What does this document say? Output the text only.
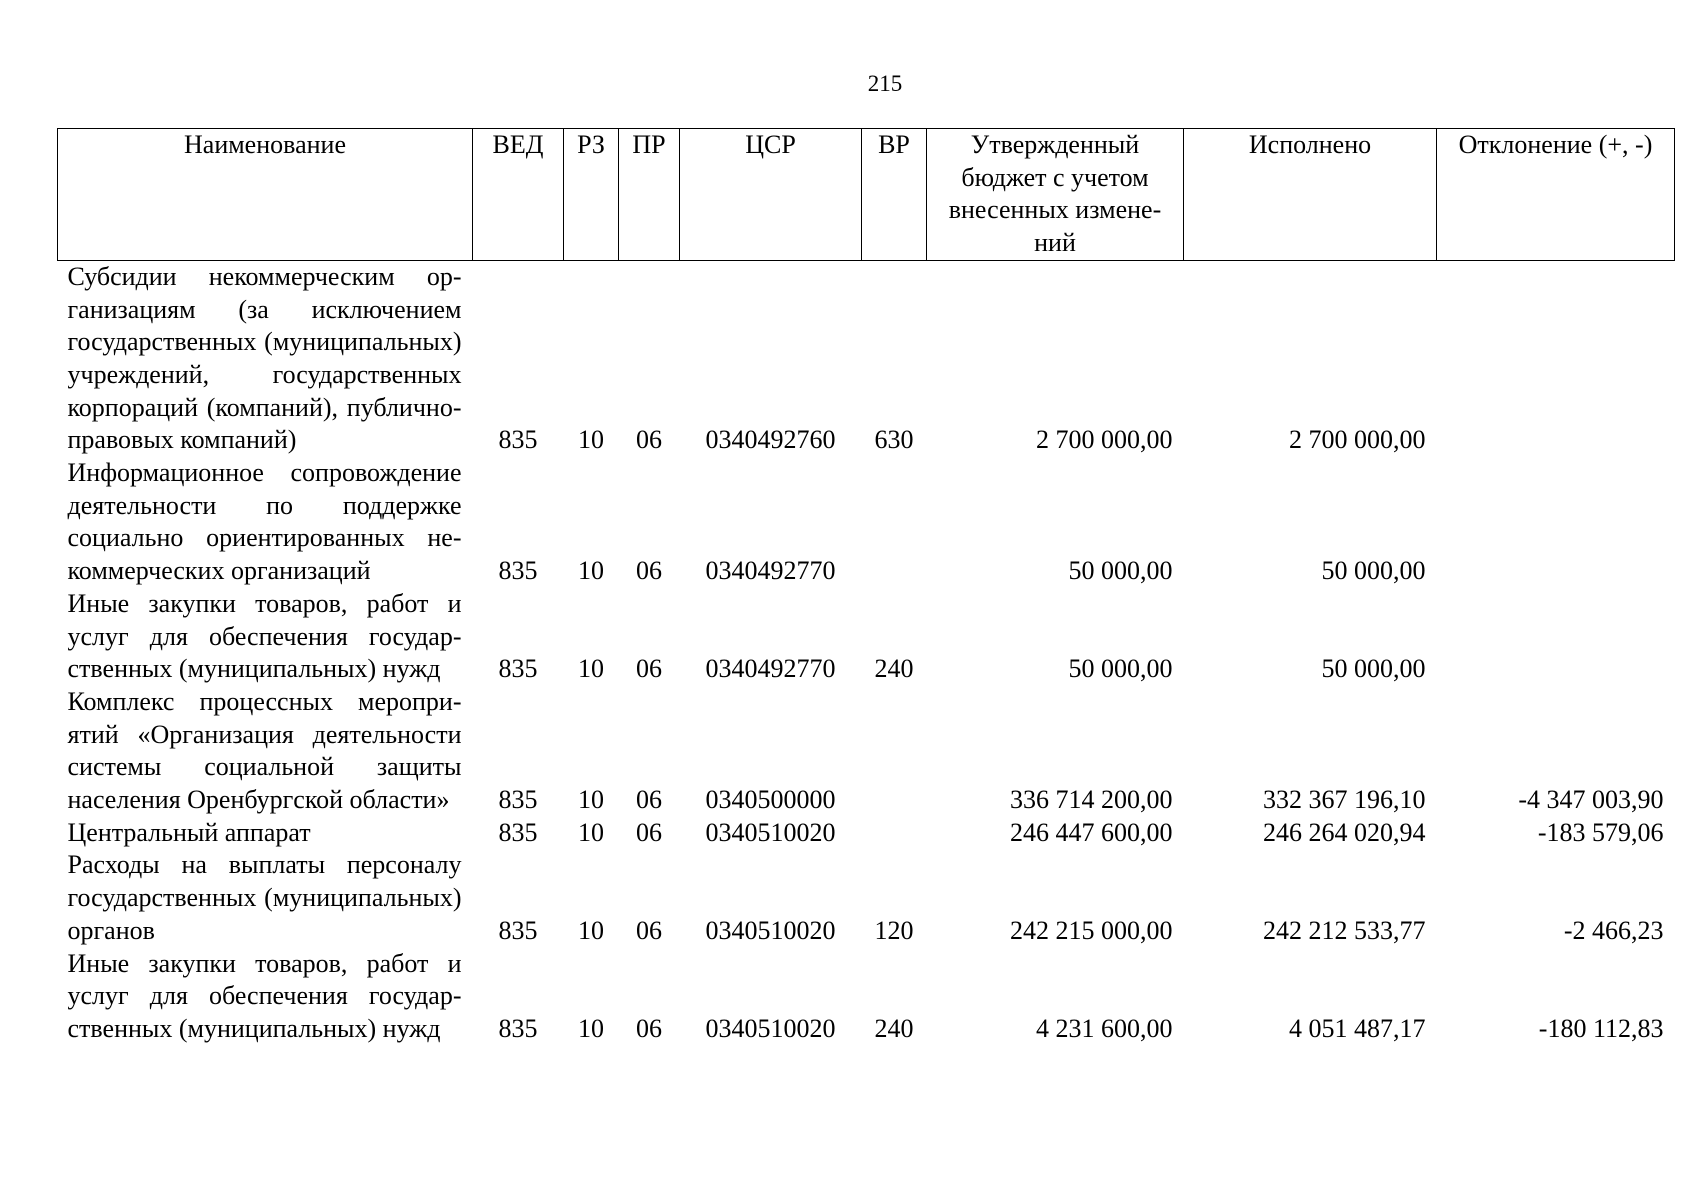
215
Наименование	ВЕД	РЗ	ПР	ЦСР	ВР	Утвержденный бюджет с учетом внесенных изменений	Исполнено	Отклонение (+, -)
Субсидии некоммерческим организациям (за исключением государственных (муниципальных) учреждений, государственных корпораций (компаний), публично-правовых компаний)	835	10	06	0340492760	630	2 700 000,00	2 700 000,00	
Информационное сопровождение деятельности по поддержке социально ориентированных некоммерческих организаций	835	10	06	0340492770		50 000,00	50 000,00	
Иные закупки товаров, работ и услуг для обеспечения государственных (муниципальных) нужд	835	10	06	0340492770	240	50 000,00	50 000,00	
Комплекс процессных мероприятий «Организация деятельности системы социальной защиты населения Оренбургской области»	835	10	06	0340500000		336 714 200,00	332 367 196,10	-4 347 003,90
Центральный аппарат	835	10	06	0340510020		246 447 600,00	246 264 020,94	-183 579,06
Расходы на выплаты персоналу государственных (муниципальных) органов	835	10	06	0340510020	120	242 215 000,00	242 212 533,77	-2 466,23
Иные закупки товаров, работ и услуг для обеспечения государственных (муниципальных) нужд	835	10	06	0340510020	240	4 231 600,00	4 051 487,17	-180 112,83
